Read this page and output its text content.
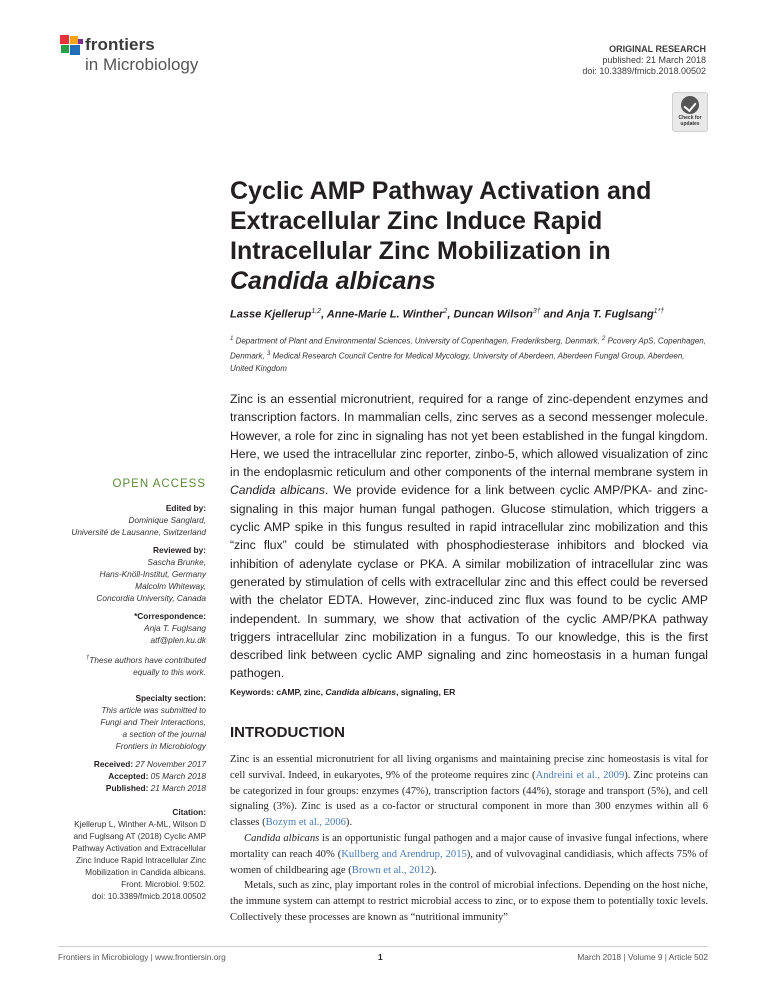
frontiers
in Microbiology
ORIGINAL RESEARCH
published: 21 March 2018
doi: 10.3389/fmicb.2018.00502
Check for updates
Cyclic AMP Pathway Activation and
Extracellular Zinc Induce Rapid
Intracellular Zinc Mobilization in
Candida albicans
Lasse Kjellerup$^{1,2}$, Anne-Marie L. Winther$^2$, Duncan Wilson$^{3\dagger}$ and Anja T. Fuglsang$^{1*\dagger}$
$^1$ Department of Plant and Environmental Sciences, University of Copenhagen, Frederiksberg, Denmark, $^2$ Pcovery ApS, Copenhagen, Denmark, $^3$ Medical Research Council Centre for Medical Mycology, University of Aberdeen, Aberdeen Fungal Group, Aberdeen, United Kingdom
Zinc is an essential micronutrient, required for a range of zinc-dependent enzymes and transcription factors. In mammalian cells, zinc serves as a second messenger molecule. However, a role for zinc in signaling has not yet been established in the fungal kingdom. Here, we used the intracellular zinc reporter, zinbo-5, which allowed visualization of zinc in the endoplasmic reticulum and other components of the internal membrane system in Candida albicans. We provide evidence for a link between cyclic AMP/PKA- and zinc-signaling in this major human fungal pathogen. Glucose stimulation, which triggers a cyclic AMP spike in this fungus resulted in rapid intracellular zinc mobilization and this “zinc flux” could be stimulated with phosphodiesterase inhibitors and blocked via inhibition of adenylate cyclase or PKA. A similar mobilization of intracellular zinc was generated by stimulation of cells with extracellular zinc and this effect could be reversed with the chelator EDTA. However, zinc-induced zinc flux was found to be cyclic AMP independent. In summary, we show that activation of the cyclic AMP/PKA pathway triggers intracellular zinc mobilization in a fungus. To our knowledge, this is the first described link between cyclic AMP signaling and zinc homeostasis in a human fungal pathogen.
Keywords: cAMP, zinc, Candida albicans, signaling, ER
OPEN ACCESS
Edited by:
Dominique Sanglard,
Université de Lausanne, Switzerland
Reviewed by:
Sascha Brunke,
Hans-Knöll-Institut, Germany
Malcolm Whiteway,
Concordia University, Canada
*Correspondence:
Anja T. Fuglsang
atf@plen.ku.dk
†These authors have contributed
equally to this work.
Specialty section:
This article was submitted to
Fungi and Their Interactions,
a section of the journal
Frontiers in Microbiology
Received: 27 November 2017
Accepted: 05 March 2018
Published: 21 March 2018
Citation:
Kjellerup L, Winther A-ML, Wilson D
and Fuglsang AT (2018) Cyclic AMP
Pathway Activation and Extracellular
Zinc Induce Rapid Intracellular Zinc
Mobilization in Candida albicans.
Front. Microbiol. 9:502.
doi: 10.3389/fmicb.2018.00502
INTRODUCTION

Zinc is an essential micronutrient for all living organisms and maintaining precise zinc homeostasis is vital for cell survival. Indeed, in eukaryotes, 9% of the proteome requires zinc (Andreini et al., 2009). Zinc proteins can be categorized in four groups: enzymes (47%), transcription factors (44%), storage and transport (5%), and cell signaling (3%). Zinc is used as a co-factor or structural component in more than 300 enzymes within all 6 classes (Bozym et al., 2006).

Candida albicans is an opportunistic fungal pathogen and a major cause of invasive fungal infections, where mortality can reach 40% (Kullberg and Arendrup, 2015), and of vulvovaginal candidiasis, which affects 75% of women of childbearing age (Brown et al., 2012).

Metals, such as zinc, play important roles in the control of microbial infections. Depending on the host niche, the immune system can attempt to restrict microbial access to zinc, or to expose them to potentially toxic levels. Collectively these processes are known as “nutritional immunity”

Frontiers in Microbiology | www.frontiersin.org	1	March 2018 | Volume 9 | Article 502
